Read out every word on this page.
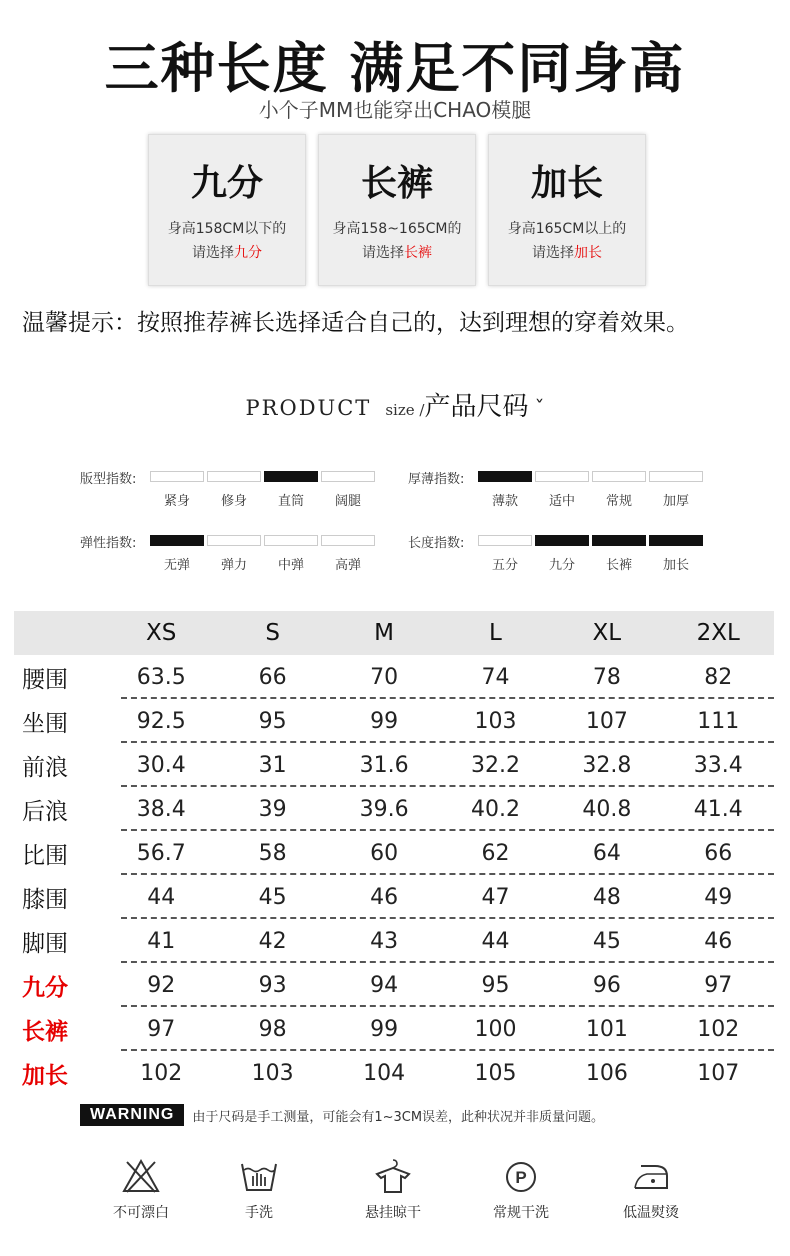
三种长度 满足不同身高
小个子MM也能穿出CHAO模腿
九分
身高158CM以下的
请选择九分
长裤
身高158~165CM的
请选择长裤
加长
身高165CM以上的
请选择加长
温馨提示：按照推荐裤长选择适合自己的，达到理想的穿着效果。
PRODUCT size /产品尺码 ˇ
版型指数:
紧身	修身	直筒	阔腿
厚薄指数:
薄款	适中	常规	加厚
弹性指数:
无弹	弹力	中弹	高弹
长度指数:
五分	九分	长裤	加长
XS	S	M	L	XL	2XL
腰围	63.5	66	70	74	78	82
坐围	92.5	95	99	103	107	111
前浪	30.4	31	31.6	32.2	32.8	33.4
后浪	38.4	39	39.6	40.2	40.8	41.4
比围	56.7	58	60	62	64	66
膝围	44	45	46	47	48	49
脚围	41	42	43	44	45	46
九分	92	93	94	95	96	97
长裤	97	98	99	100	101	102
加长	102	103	104	105	106	107
WARNING	由于尺码是手工测量，可能会有1~3CM误差，此种状况并非质量问题。
不可漂白	手洗	悬挂晾干
P
常规干洗	低温熨烫
